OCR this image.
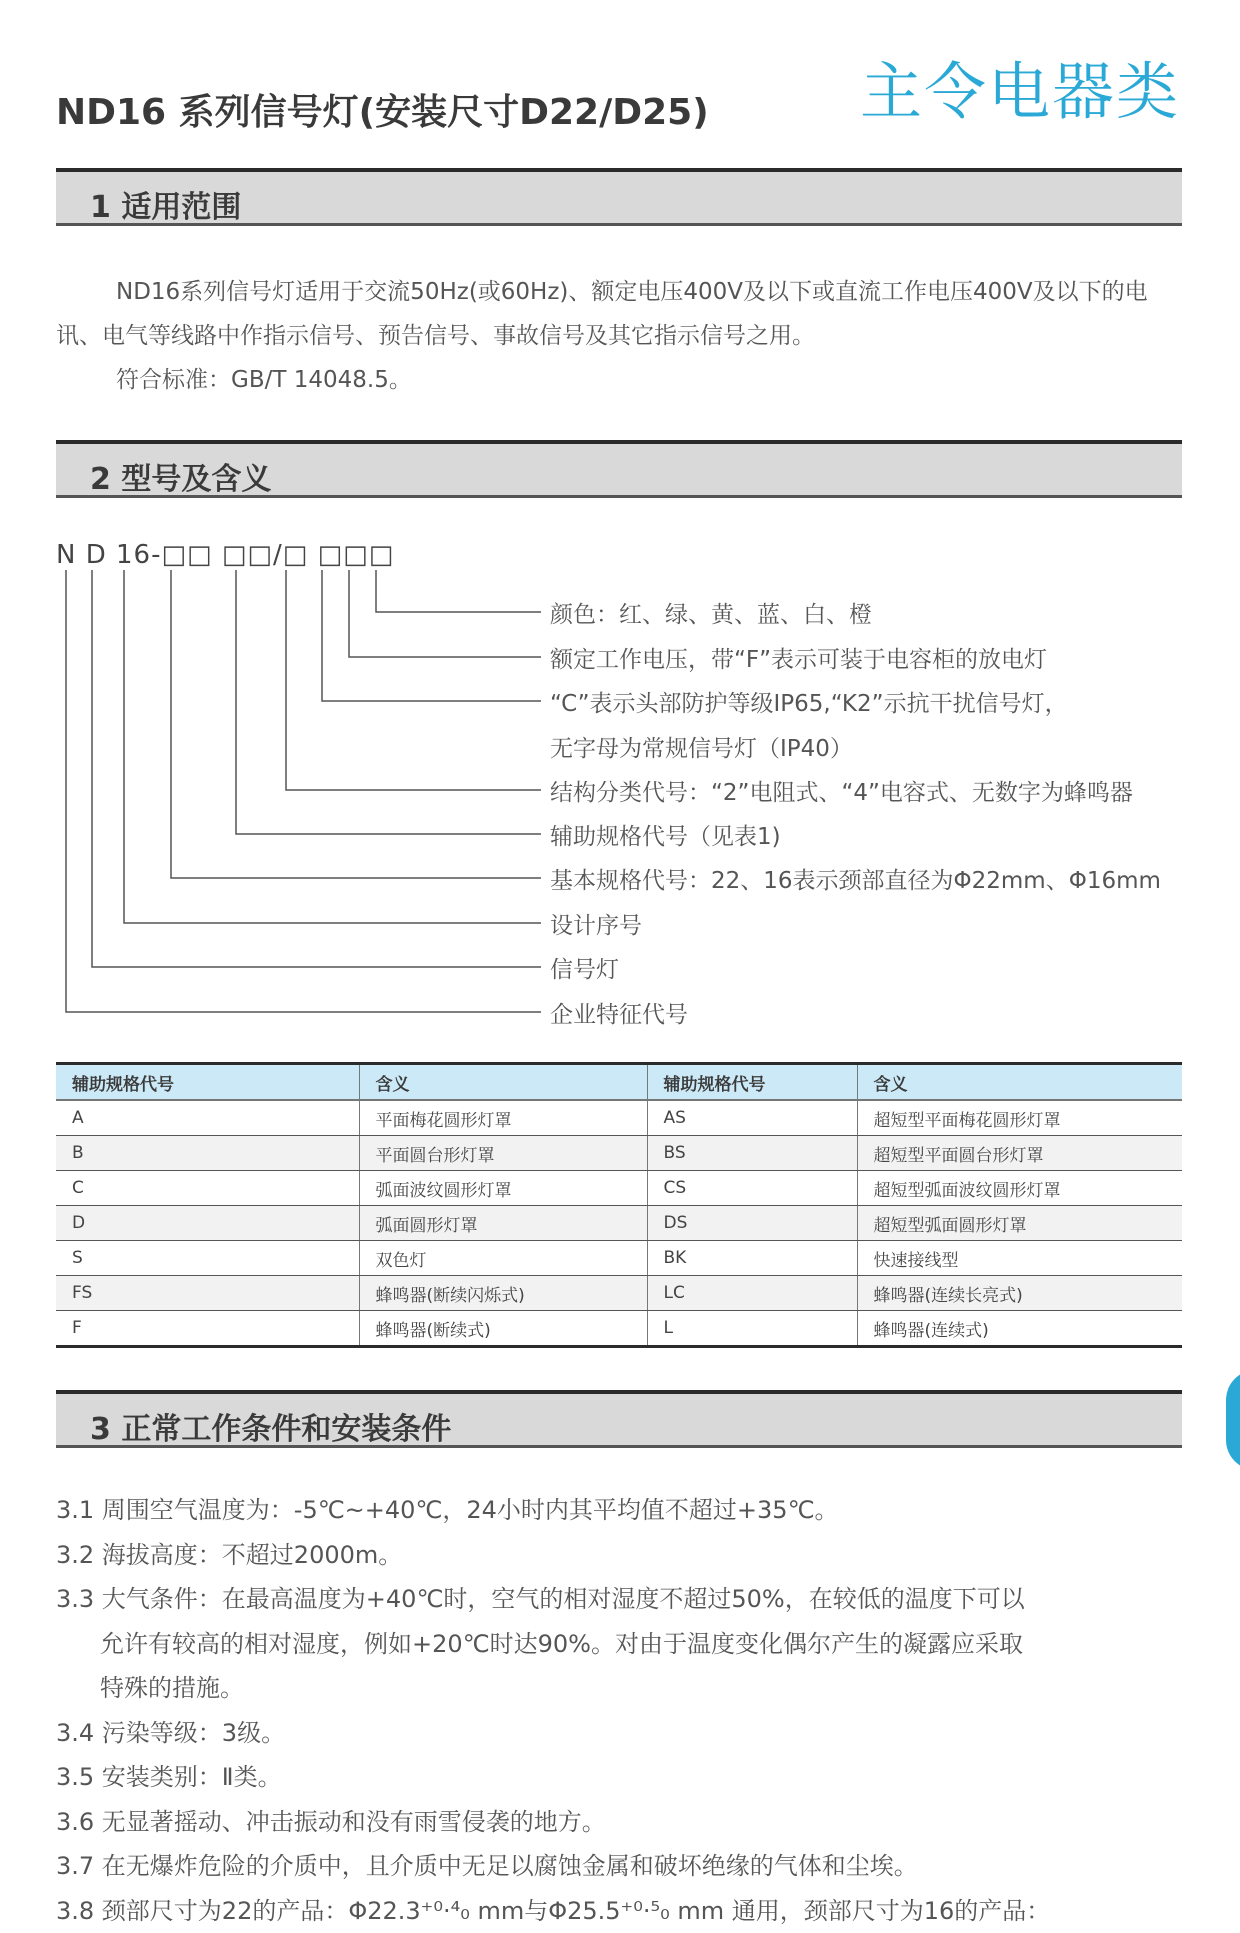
主令电器类
ND16 系列信号灯(安装尺寸D22/D25)
1 适用范围

ND16系列信号灯适用于交流50Hz(或60Hz)、额定电压400V及以下或直流工作电压400V及以下的电讯、电气等线路中作指示信号、预告信号、事故信号及其它指示信号之用。

符合标准：GB/T 14048.5。

2 型号及含义
N D 16-□□ □□/□ □□□
颜色：红、绿、黄、蓝、白、橙
额定工作电压，带“F”表示可装于电容柜的放电灯
“C”表示头部防护等级IP65,“K2”示抗干扰信号灯，
无字母为常规信号灯（IP40）
结构分类代号：“2”电阻式、“4”电容式、无数字为蜂鸣器
辅助规格代号（见表1)
基本规格代号：22、16表示颈部直径为Φ22mm、Φ16mm
设计序号
信号灯
企业特征代号
辅助规格代号	含义	辅助规格代号	含义
A	平面梅花圆形灯罩	AS	超短型平面梅花圆形灯罩
B	平面圆台形灯罩	BS	超短型平面圆台形灯罩
C	弧面波纹圆形灯罩	CS	超短型弧面波纹圆形灯罩
D	弧面圆形灯罩	DS	超短型弧面圆形灯罩
S	双色灯	BK	快速接线型
FS	蜂鸣器(断续闪烁式)	LC	蜂鸣器(连续长亮式)
F	蜂鸣器(断续式)	L	蜂鸣器(连续式)
3 正常工作条件和安装条件

3.1 周围空气温度为：-5℃~+40℃，24小时内其平均值不超过+35℃。

3.2 海拔高度：不超过2000m。

3.3 大气条件：在最高温度为+40℃时，空气的相对湿度不超过50%，在较低的温度下可以

允许有较高的相对湿度，例如+20℃时达90%。对由于温度变化偶尔产生的凝露应采取

特殊的措施。

3.4 污染等级：3级。

3.5 安装类别：Ⅱ类。

3.6 无显著摇动、冲击振动和没有雨雪侵袭的地方。

3.7 在无爆炸危险的介质中，且介质中无足以腐蚀金属和破坏绝缘的气体和尘埃。

3.8 颈部尺寸为22的产品：Φ22.3⁺⁰·⁴₀ mm与Φ25.5⁺⁰·⁵₀ mm 通用，颈部尺寸为16的产品：
